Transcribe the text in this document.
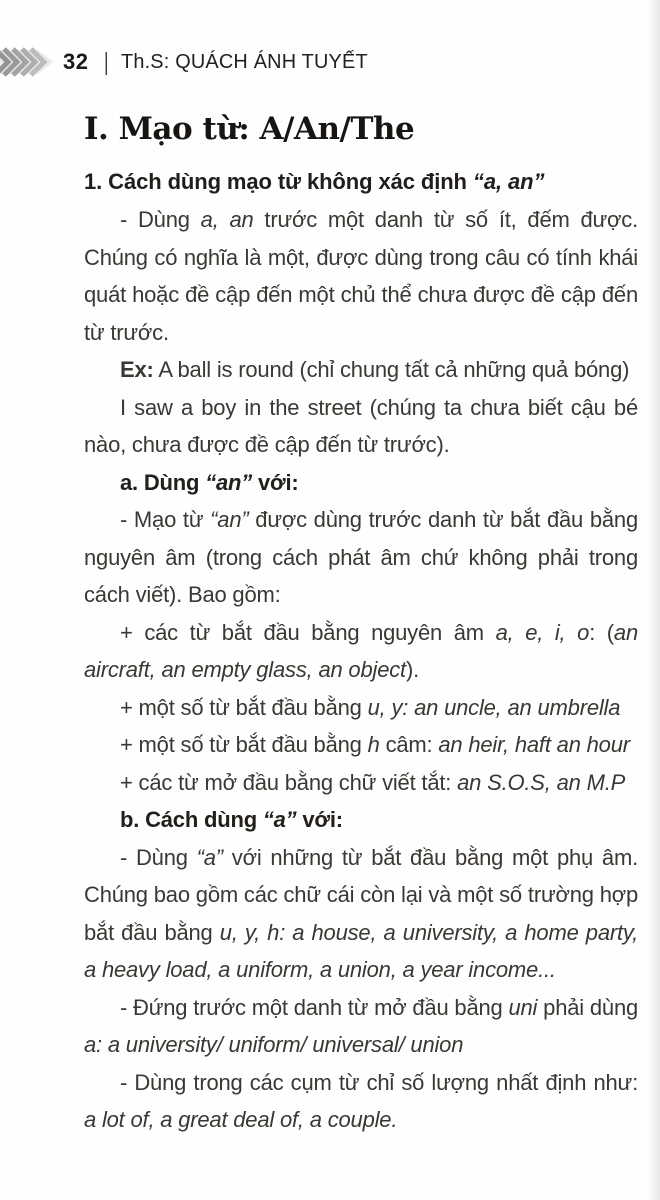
32 | Th.S: QUÁCH ÁNH TUYẾT
I. Mạo từ: A/An/The

1. Cách dùng mạo từ không xác định “a, an”

- Dùng a, an trước một danh từ số ít, đếm được. Chúng có nghĩa là một, được dùng trong câu có tính khái quát hoặc đề cập đến một chủ thể chưa được đề cập đến từ trước.

Ex: A ball is round (chỉ chung tất cả những quả bóng)

I saw a boy in the street (chúng ta chưa biết cậu bé nào, chưa được đề cập đến từ trước).

a. Dùng “an” với:

- Mạo từ “an” được dùng trước danh từ bắt đầu bằng nguyên âm (trong cách phát âm chứ không phải trong cách viết). Bao gồm:

+ các từ bắt đầu bằng nguyên âm a, e, i, o: (an aircraft, an empty glass, an object).

+ một số từ bắt đầu bằng u, y: an uncle, an umbrella

+ một số từ bắt đầu bằng h câm: an heir, haft an hour

+ các từ mở đầu bằng chữ viết tắt: an S.O.S, an M.P

b. Cách dùng “a” với:

- Dùng “a” với những từ bắt đầu bằng một phụ âm. Chúng bao gồm các chữ cái còn lại và một số trường hợp bắt đầu bằng u, y, h: a house, a university, a home party, a heavy load, a uniform, a union, a year income...

- Đứng trước một danh từ mở đầu bằng uni phải dùng a: a university/ uniform/ universal/ union

- Dùng trong các cụm từ chỉ số lượng nhất định như: a lot of, a great deal of, a couple.
